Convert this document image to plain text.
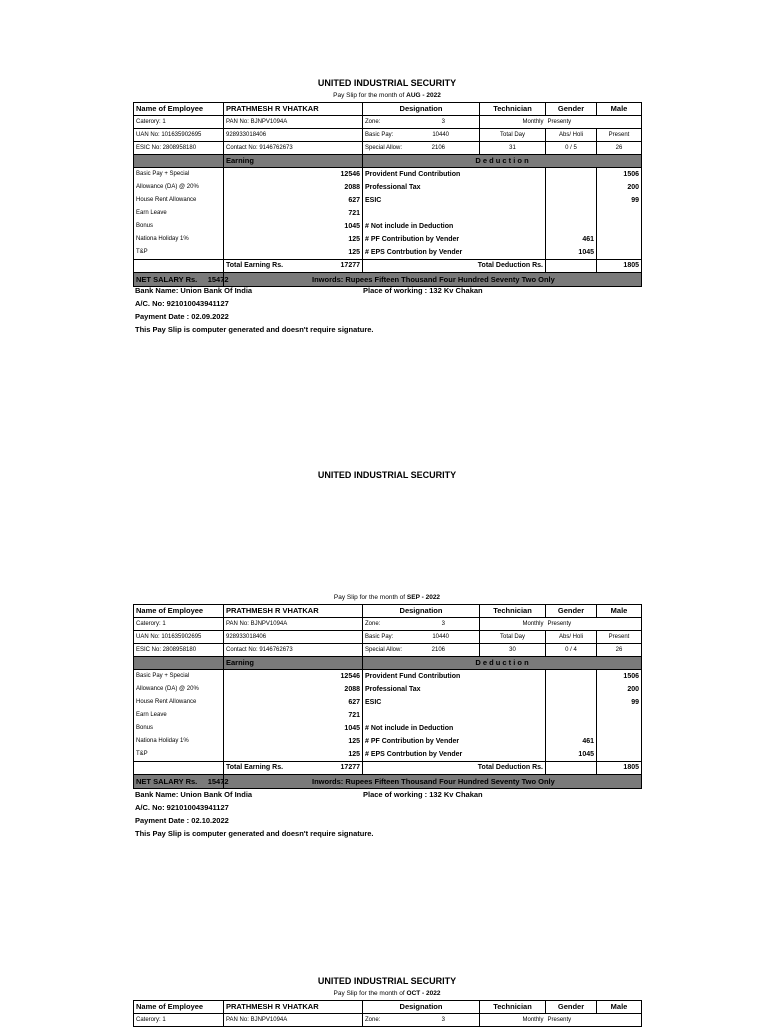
UNITED INDUSTRIAL SECURITY
Pay Slip for the month of AUG - 2022
Name of Employee	PRATHMESH R VHATKAR	Designation	Technician	Gender	Male
Caterory: 1	PAN No: BJNPV1094A	Zone: 3	Monthly	Presenty	
UAN No: 101635902695	928933018406	Basic Pay: 10440	Total Day	Abs/ Holi	Present
ESIC No: 2808958180	Contact No: 9146762673	Special Allow: 2106	31	0 / 5	26
	Earning	D e d u c t i o n			
Basic Pay + Special	12546	Provident Fund Contribution			1506
Allowance (DA) @ 20%	2088	Professional Tax			200
House Rent Allowance	627	ESIC			99
Earn Leave	721				
Bonus	1045	# Not include in Deduction			
Nationa Holiday 1%	125	# PF Contribution by Vender		461	
T&P	125	# EPS Contrbution by Vender		1045	

	Total Earning Rs. 17277	Total Deduction Rs.			1805
NET SALARY Rs. 15472	Inwords: Rupees Fifteen Thousand Four Hundred Seventy Two Only				
Bank Name: Union Bank Of India	Place of working : 132 Kv Chakan
A/C. No: 921010043941127
Payment Date : 02.09.2022
This Pay Slip is computer generated and doesn't require signature.
UNITED INDUSTRIAL SECURITY
Pay Slip for the month of SEP - 2022
Name of Employee	PRATHMESH R VHATKAR	Designation	Technician	Gender	Male
Caterory: 1	PAN No: BJNPV1094A	Zone: 3	Monthly	Presenty	
UAN No: 101635902695	928933018406	Basic Pay: 10440	Total Day	Abs/ Holi	Present
ESIC No: 2808958180	Contact No: 9146762673	Special Allow: 2106	30	0 / 4	26
	Earning	D e d u c t i o n			
Basic Pay + Special	12546	Provident Fund Contribution			1506
Allowance (DA) @ 20%	2088	Professional Tax			200
House Rent Allowance	627	ESIC			99
Earn Leave	721				
Bonus	1045	# Not include in Deduction			
Nationa Holiday 1%	125	# PF Contribution by Vender		461	
T&P	125	# EPS Contrbution by Vender		1045	

	Total Earning Rs. 17277	Total Deduction Rs.			1805
NET SALARY Rs. 15472	Inwords: Rupees Fifteen Thousand Four Hundred Seventy Two Only				
Bank Name: Union Bank Of India	Place of working : 132 Kv Chakan
A/C. No: 921010043941127
Payment Date : 02.10.2022
This Pay Slip is computer generated and doesn't require signature.
UNITED INDUSTRIAL SECURITY
Pay Slip for the month of OCT - 2022
Name of Employee	PRATHMESH R VHATKAR	Designation	Technician	Gender	Male
Caterory: 1	PAN No: BJNPV1094A	Zone: 3	Monthly	Presenty	
